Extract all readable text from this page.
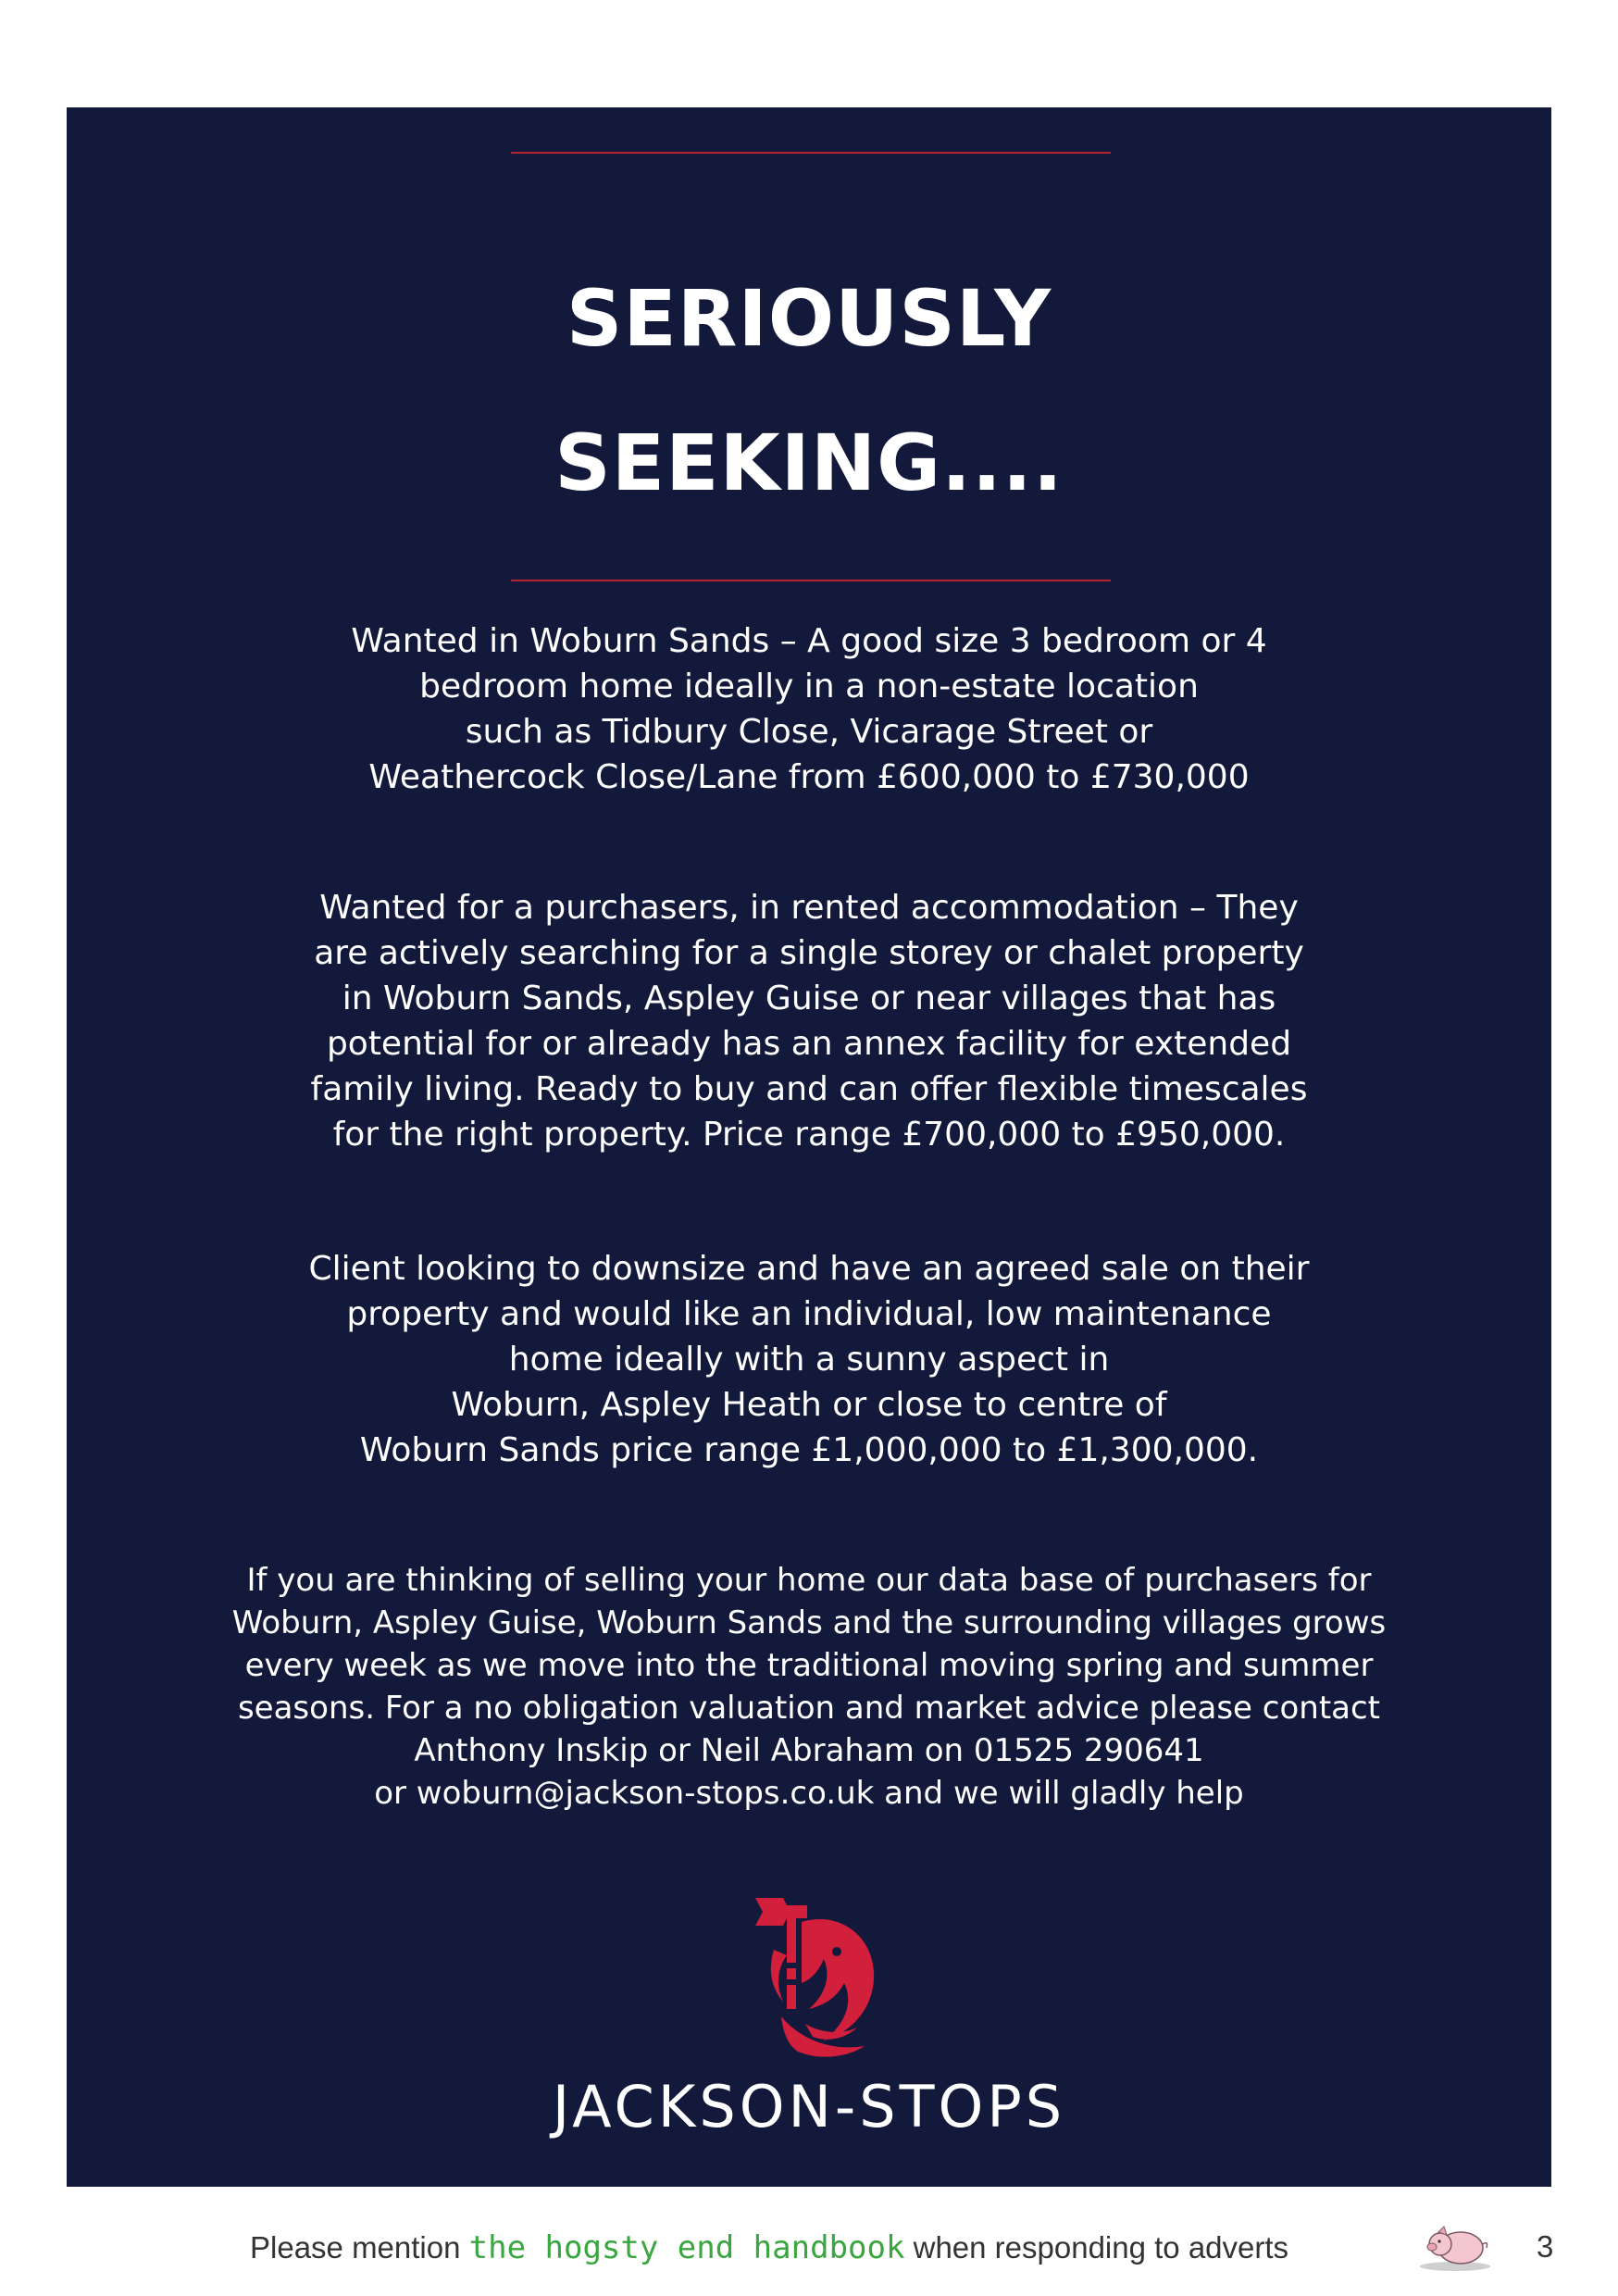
SERIOUSLY
SEEKING....

Wanted in Woburn Sands – A good size 3 bedroom or 4
bedroom home ideally in a non-estate location
such as Tidbury Close, Vicarage Street or
Weathercock Close/Lane from £600,000 to £730,000

Wanted for a purchasers, in rented accommodation – They
are actively searching for a single storey or chalet property
in Woburn Sands, Aspley Guise or near villages that has
potential for or already has an annex facility for extended
family living. Ready to buy and can offer flexible timescales
for the right property. Price range £700,000 to £950,000.

Client looking to downsize and have an agreed sale on their
property and would like an individual, low maintenance
home ideally with a sunny aspect in
Woburn, Aspley Heath or close to centre of
Woburn Sands price range £1,000,000 to £1,300,000.

If you are thinking of selling your home our data base of purchasers for
Woburn, Aspley Guise, Woburn Sands and the surrounding villages grows
every week as we move into the traditional moving spring and summer
seasons. For a no obligation valuation and market advice please contact
Anthony Inskip or Neil Abraham on 01525 290641
or woburn@jackson-stops.co.uk and we will gladly help

JACKSON-STOPS
Please mention the hogsty end handbook when responding to adverts	3
